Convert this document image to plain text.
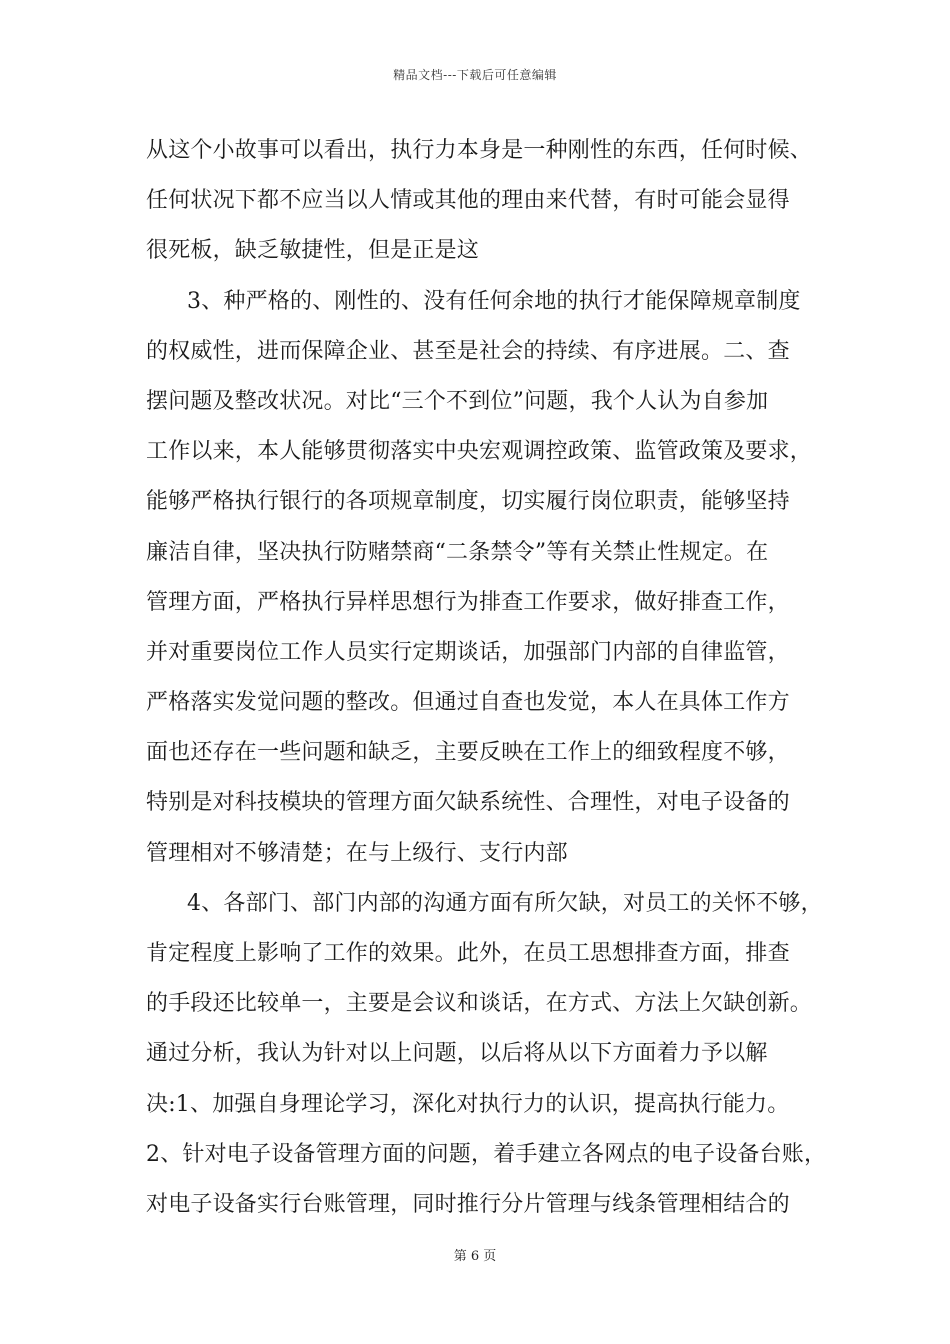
精品文档---下载后可任意编辑
从这个小故事可以看出，执行力本身是一种刚性的东西，任何时候、
任何状况下都不应当以人情或其他的理由来代替，有时可能会显得
很死板，缺乏敏捷性，但是正是这
3、种严格的、刚性的、没有任何余地的执行才能保障规章制度
的权威性，进而保障企业、甚至是社会的持续、有序进展。二、查
摆问题及整改状况。对比“三个不到位”问题，我个人认为自参加
工作以来，本人能够贯彻落实中央宏观调控政策、监管政策及要求，
能够严格执行银行的各项规章制度，切实履行岗位职责，能够坚持
廉洁自律，坚决执行防赌禁商“二条禁令”等有关禁止性规定。在
管理方面，严格执行异样思想行为排查工作要求，做好排查工作，
并对重要岗位工作人员实行定期谈话，加强部门内部的自律监管，
严格落实发觉问题的整改。但通过自查也发觉，本人在具体工作方
面也还存在一些问题和缺乏，主要反映在工作上的细致程度不够，
特别是对科技模块的管理方面欠缺系统性、合理性，对电子设备的
管理相对不够清楚；在与上级行、支行内部
4、各部门、部门内部的沟通方面有所欠缺，对员工的关怀不够，
肯定程度上影响了工作的效果。此外，在员工思想排查方面，排查
的手段还比较单一，主要是会议和谈话，在方式、方法上欠缺创新。
通过分析，我认为针对以上问题，以后将从以下方面着力予以解
决:1、加强自身理论学习，深化对执行力的认识，提高执行能力。
2、针对电子设备管理方面的问题，着手建立各网点的电子设备台账，
对电子设备实行台账管理，同时推行分片管理与线条管理相结合的
第 6 页
